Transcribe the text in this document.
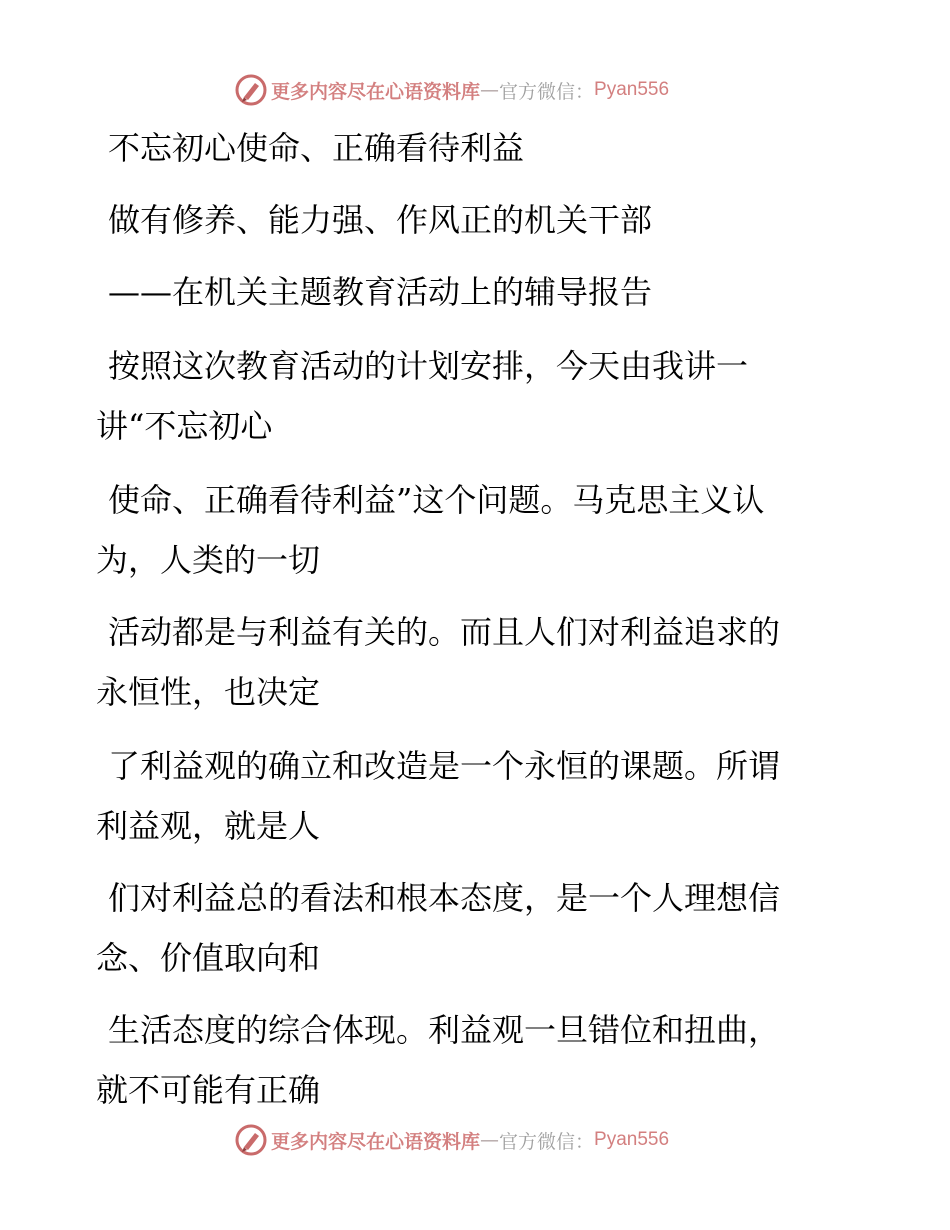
更多内容尽在心语资料库 — 官方微信： Pyan556
不忘初心使命、正确看待利益
做有修养、能力强、作风正的机关干部
——在机关主题教育活动上的辅导报告
按照这次教育活动的计划安排，今天由我讲一
讲“不忘初心
使命、正确看待利益”这个问题。马克思主义认
为，人类的一切
活动都是与利益有关的。而且人们对利益追求的
永恒性，也决定
了利益观的确立和改造是一个永恒的课题。所谓
利益观，就是人
们对利益总的看法和根本态度，是一个人理想信
念、价值取向和
生活态度的综合体现。利益观一旦错位和扭曲，
就不可能有正确
更多内容尽在心语资料库 — 官方微信： Pyan556
